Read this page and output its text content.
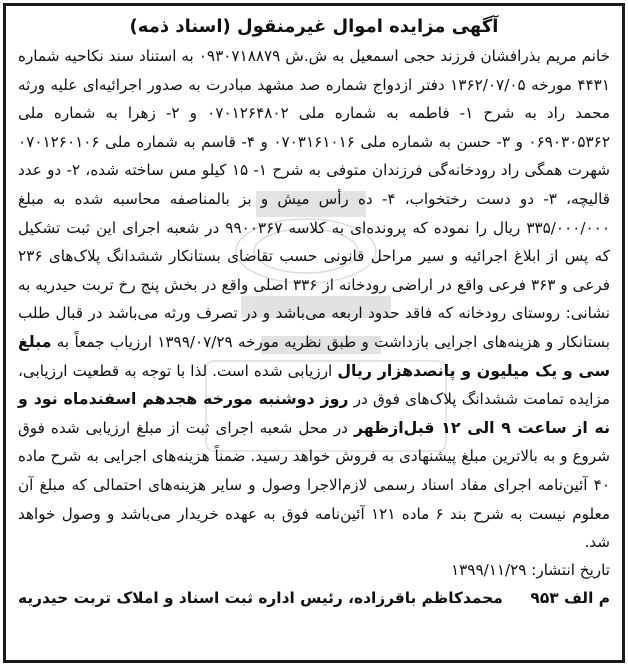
آگهی مزایده اموال غیرمنقول (اسناد ذمه)

خانم مریم بذرافشان فرزند حجی اسمعیل به ش.ش ۰۹۳۰۷۱۸۸۷۹ به استناد سند نکاحیه شماره ۴۴۳۱ مورخه ۱۳۶۲/۰۷/۰۵ دفتر ازدواج شماره صد مشهد مبادرت به صدور اجرائیه‌ای علیه ورثه محمد راد به شرح ۱- فاطمه به شماره ملی ۰۷۰۱۲۶۴۸۰۲ و ۲- زهرا به شماره ملی ۰۶۹۰۳۰۵۳۶۲ و ۳- حسن به شماره ملی ۰۷۰۳۱۶۱۰۱۶ و ۴- قاسم به شماره ملی ۰۷۰۱۲۶۰۱۰۶ شهرت همگی راد رودخانه‌گی فرزندان متوفی به شرح ۱- ۱۵ کیلو مس ساخته شده، ۲- دو عدد قالیچه، ۳- دو دست رختخواب، ۴- ده رأس میش و بز بالمناصفه محاسبه شده به مبلغ ۳۳۵/۰۰۰/۰۰۰ ریال را نموده که پرونده‌ای به کلاسه ۹۹۰۰۳۶۷ در شعبه اجرای این ثبت تشکیل که پس از ابلاغ اجرائیه و سیر مراحل قانونی حسب تقاضای بستانکار ششدانگ پلاک‌های ۲۳۶ فرعی و ۳۶۳ فرعی واقع در اراضی رودخانه از ۳۳۶ اصلی واقع در بخش پنج رخ تربت حیدریه به نشانی: روستای رودخانه که فاقد حدود اربعه می‌باشد و در تصرف ورثه می‌باشد در قبال طلب بستانکار و هزینه‌های اجرایی بازداشت و طبق نظریه مورخه ۱۳۹۹/۰۷/۲۹ ارزیاب جمعاً به مبلغ سی و یک میلیون و پانصدهزار ریال ارزیابی شده است. لذا با توجه به قطعیت ارزیابی، مزایده تمامت ششدانگ پلاک‌های فوق در روز دوشنبه مورخه هجدهم اسفندماه نود و نه از ساعت ۹ الی ۱۲ قبل‌ازظهر در محل شعبه اجرای ثبت از مبلغ ارزیابی شده فوق شروع و به بالاترین مبلغ پیشنهادی به فروش خواهد رسید. ضمناً هزینه‌های اجرایی به شرح ماده ۴۰ آئین‌نامه اجرای مفاد اسناد رسمی لازم‌الاجرا وصول و سایر هزینه‌های احتمالی که مبلغ آن معلوم نیست به شرح بند ۶ ماده ۱۲۱ آئین‌نامه فوق به عهده خریدار می‌باشد و وصول خواهد شد.

تاریخ انتشار: ۱۳۹۹/۱۱/۲۹

م الف ۹۵۳
محمدکاظم باقرزاده، رئیس اداره ثبت اسناد و املاک تربت حیدریه
